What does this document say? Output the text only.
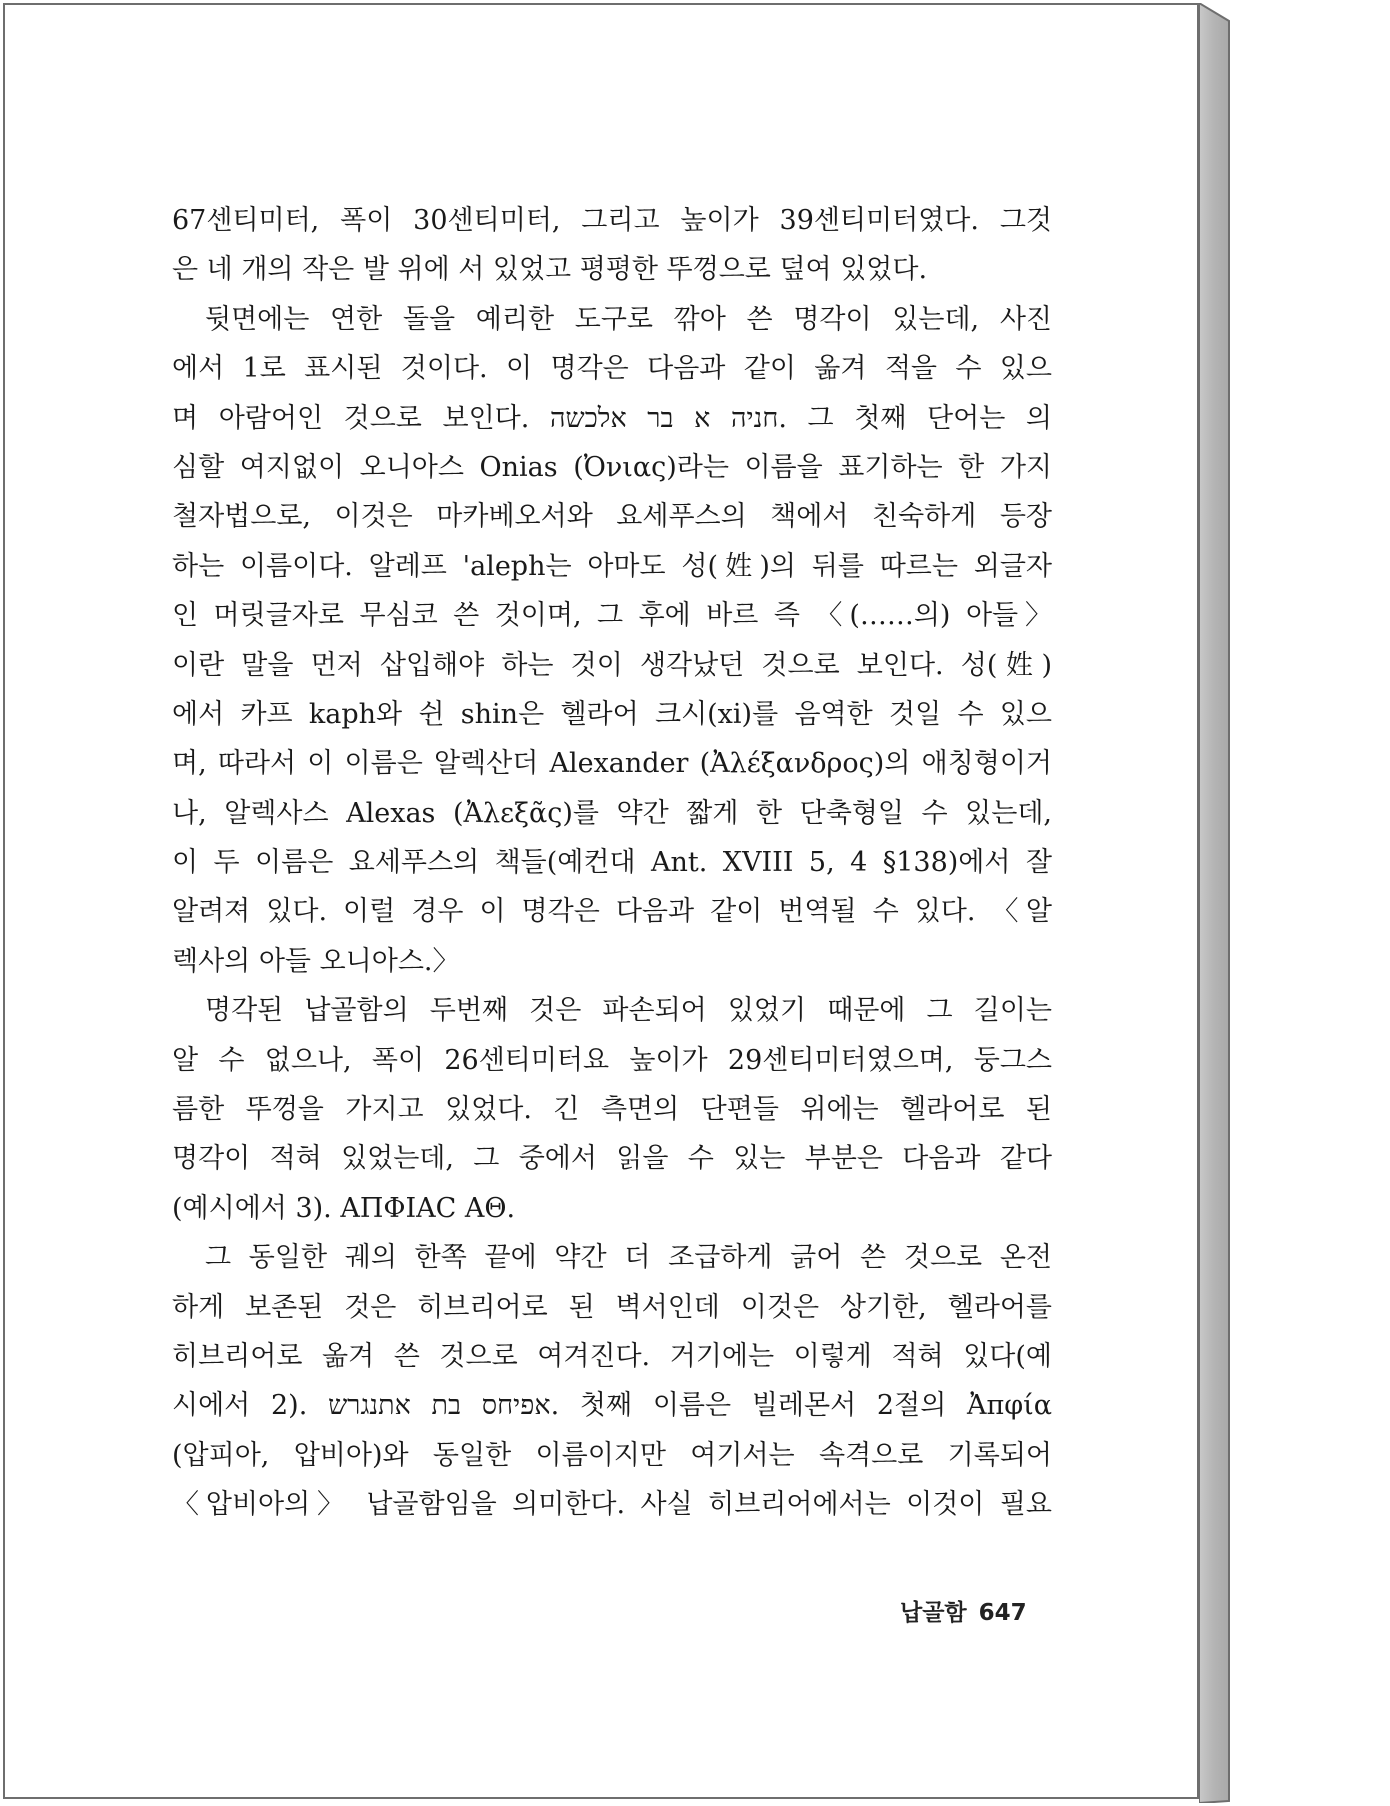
67센티미터, 폭이 30센티미터, 그리고 높이가 39센티미터였다. 그것
은 네 개의 작은 발 위에 서 있었고 평평한 뚜껑으로 덮여 있었다.
뒷면에는 연한 돌을 예리한 도구로 깎아 쓴 명각이 있는데, 사진
에서 1로 표시된 것이다. 이 명각은 다음과 같이 옮겨 적을 수 있으
며 아람어인 것으로 보인다. חניה א בר אלכשה. 그 첫째 단어는 의
심할 여지없이 오니아스 Onias (Ὀνιας)라는 이름을 표기하는 한 가지
철자법으로, 이것은 마카베오서와 요세푸스의 책에서 친숙하게 등장
하는 이름이다. 알레프 'aleph는 아마도 성(姓)의 뒤를 따르는 외글자
인 머릿글자로 무심코 쓴 것이며, 그 후에 바르 즉 〈(……의) 아들〉
이란 말을 먼저 삽입해야 하는 것이 생각났던 것으로 보인다. 성(姓)
에서 카프 kaph와 쉰 shin은 헬라어 크시(xi)를 음역한 것일 수 있으
며, 따라서 이 이름은 알렉산더 Alexander (Ἀλέξανδρος)의 애칭형이거
나, 알렉사스 Alexas (Ἀλεξᾶς)를 약간 짧게 한 단축형일 수 있는데,
이 두 이름은 요세푸스의 책들(예컨대 Ant. XVIII 5, 4 §138)에서 잘
알려져 있다. 이럴 경우 이 명각은 다음과 같이 번역될 수 있다. 〈알
렉사의 아들 오니아스.〉
명각된 납골함의 두번째 것은 파손되어 있었기 때문에 그 길이는
알 수 없으나, 폭이 26센티미터요 높이가 29센티미터였으며, 둥그스
름한 뚜껑을 가지고 있었다. 긴 측면의 단편들 위에는 헬라어로 된
명각이 적혀 있었는데, 그 중에서 읽을 수 있는 부분은 다음과 같다
(예시에서 3). ΑΠΦΙΑC ΑΘ.
그 동일한 궤의 한쪽 끝에 약간 더 조급하게 긁어 쓴 것으로 온전
하게 보존된 것은 히브리어로 된 벽서인데 이것은 상기한, 헬라어를
히브리어로 옮겨 쓴 것으로 여겨진다. 거기에는 이렇게 적혀 있다(예
시에서 2). אפיחס בת אתנגרש. 첫째 이름은 빌레몬서 2절의 Ἀπφία
(압피아, 압비아)와 동일한 이름이지만 여기서는 속격으로 기록되어
〈압비아의〉 납골함임을 의미한다. 사실 히브리어에서는 이것이 필요
납골함 647
